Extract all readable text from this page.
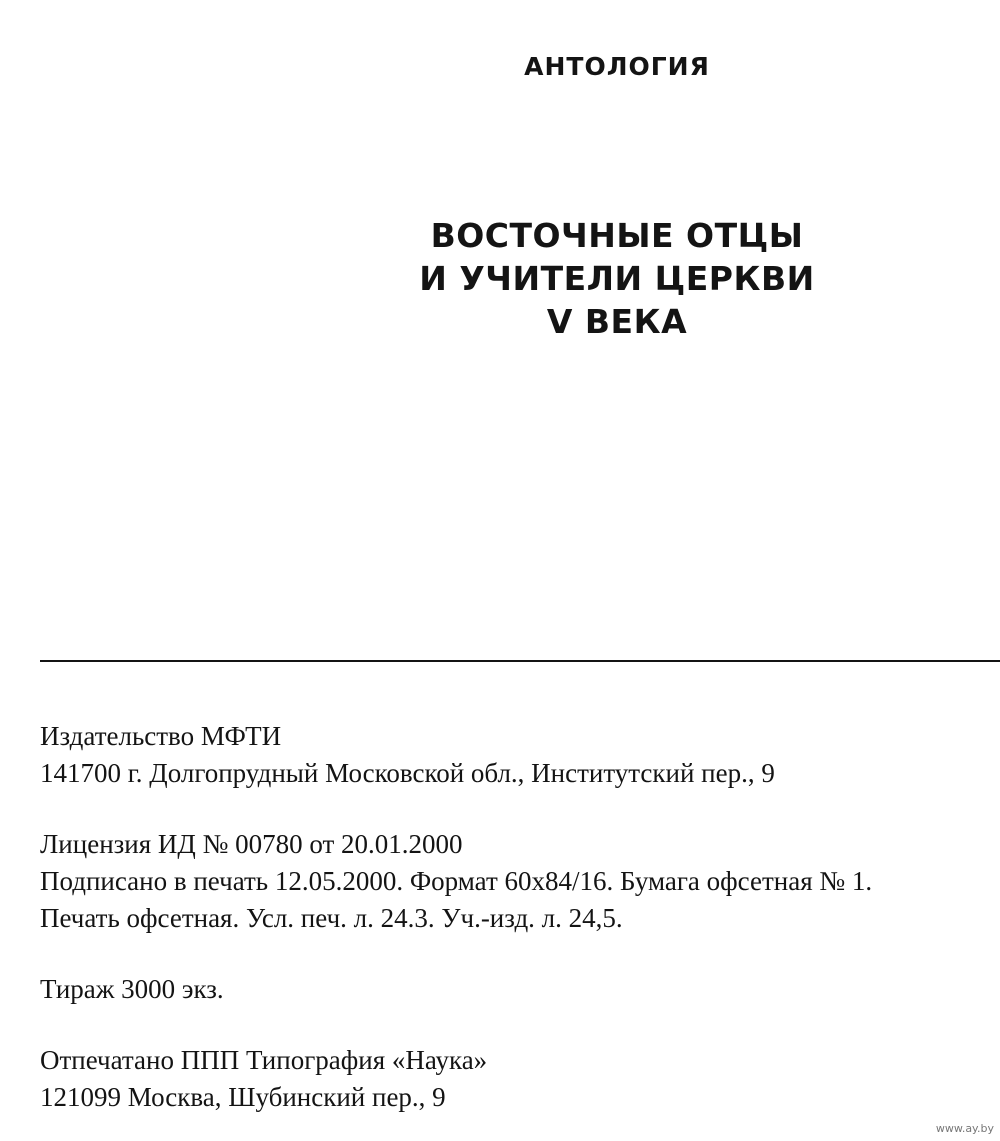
АНТОЛОГИЯ
ВОСТОЧНЫЕ ОТЦЫ
И УЧИТЕЛИ ЦЕРКВИ
V ВЕКА
Издательство МФТИ
141700 г. Долгопрудный Московской обл., Институтский пер., 9
Лицензия ИД № 00780 от 20.01.2000
Подписано в печать 12.05.2000. Формат 60х84/16. Бумага офсетная № 1.
Печать офсетная. Усл. печ. л. 24.3. Уч.-изд. л. 24,5.
Тираж 3000 экз.
Отпечатано ППП Типография «Наука»
121099 Москва, Шубинский пер., 9
www.ay.by
